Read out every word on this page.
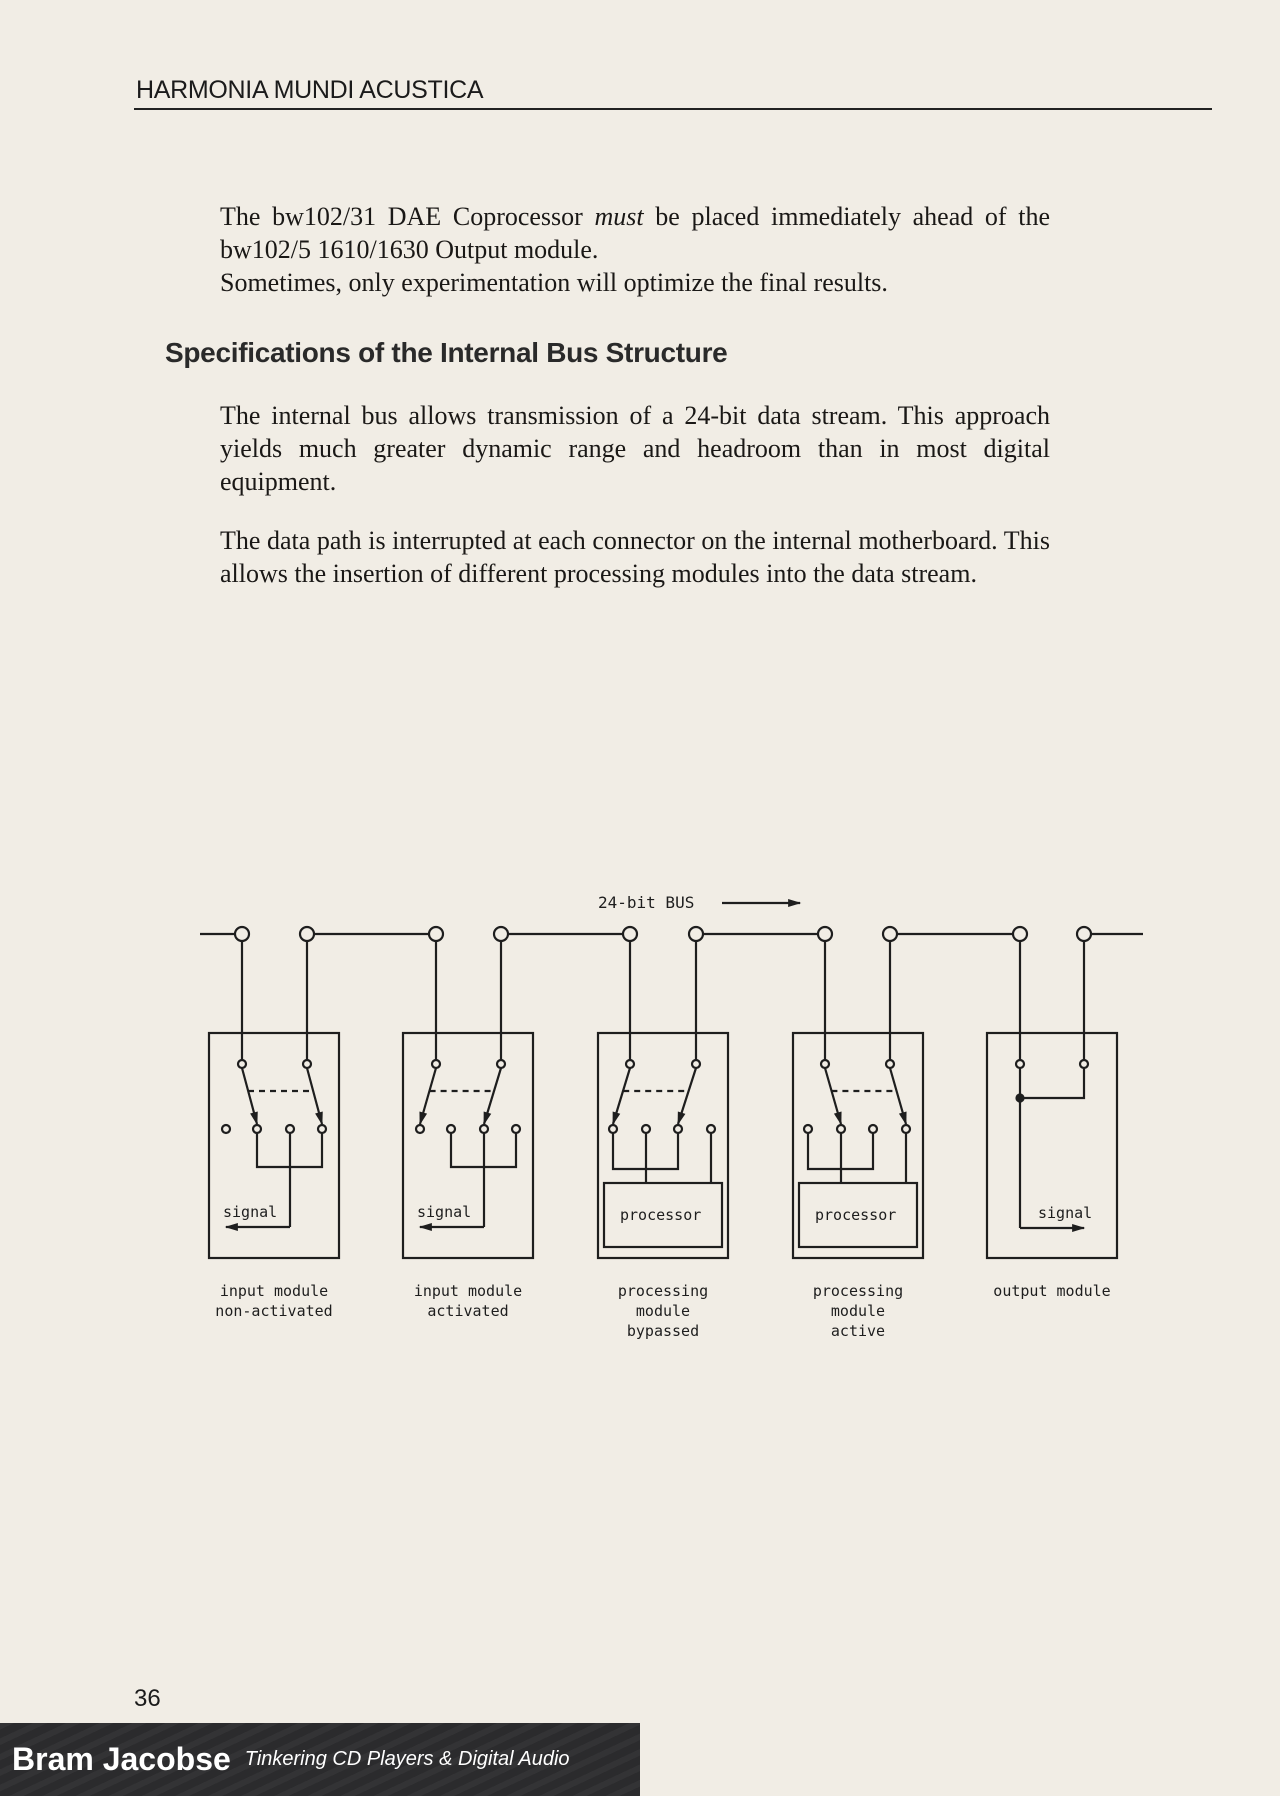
HARMONIA MUNDI ACUSTICA

The bw102/31 DAE Coprocessor must be placed immediately ahead of the bw102/5 1610/1630 Output module.

Sometimes, only experimentation will optimize the final results.

Specifications of the Internal Bus Structure

The internal bus allows transmission of a 24-bit data stream. This approach yields much greater dynamic range and headroom than in most digital equipment.

The data path is interrupted at each connector on the internal motherboard. This allows the insertion of different processing modules into the data stream.

signal
input module
non-activated
signal
input module
activated
processor
processing
module
bypassed
processor
processing
module
active
signal
output module
24-bit BUS
36
Bram Jacobse Tinkering CD Players & Digital Audio
